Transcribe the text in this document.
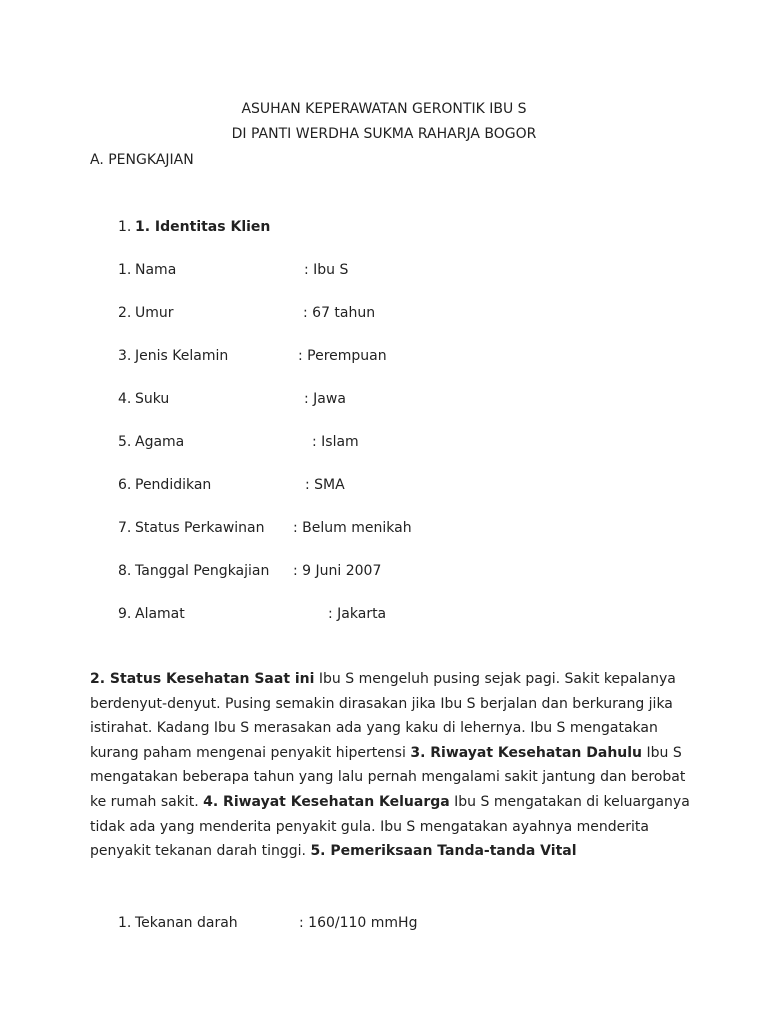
ASUHAN KEPERAWATAN GERONTIK IBU S
DI PANTI WERDHA SUKMA RAHARJA BOGOR
A. PENGKAJIAN
1. 1. Identitas Klien
1. Nama	: Ibu S
2. Umur	: 67 tahun
3. Jenis Kelamin	: Perempuan
4. Suku	: Jawa
5. Agama	: Islam
6. Pendidikan	: SMA
7. Status Perkawinan : Belum menikah
8. Tanggal Pengkajian : 9 Juni 2007
9. Alamat	: Jakarta

2. Status Kesehatan Saat ini Ibu S mengeluh pusing sejak pagi. Sakit kepalanya berdenyut-denyut. Pusing semakin dirasakan jika Ibu S berjalan dan berkurang jika istirahat. Kadang Ibu S merasakan ada yang kaku di lehernya. Ibu S mengatakan kurang paham mengenai penyakit hipertensi 3. Riwayat Kesehatan Dahulu Ibu S mengatakan beberapa tahun yang lalu pernah mengalami sakit jantung dan berobat ke rumah sakit. 4. Riwayat Kesehatan Keluarga Ibu S mengatakan di keluarganya tidak ada yang menderita penyakit gula. Ibu S mengatakan ayahnya menderita penyakit tekanan darah tinggi. 5. Pemeriksaan Tanda-tanda Vital

1. Tekanan darah	: 160/110 mmHg
